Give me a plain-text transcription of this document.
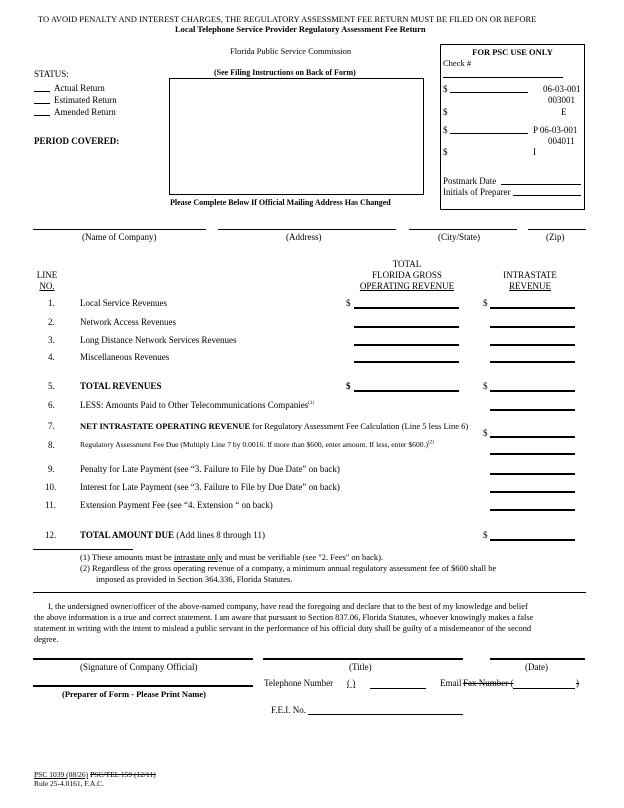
TO AVOID PENALTY AND INTEREST CHARGES, THE REGULATORY ASSESSMENT FEE RETURN MUST BE FILED ON OR BEFORE
Local Telephone Service Provider Regulatory Assessment Fee Return
Florida Public Service Commission
(See Filing Instructions on Back of Form)
STATUS:
Actual Return
Estimated Return
Amended Return
PERIOD COVERED:
Please Complete Below If Official Mailing Address Has Changed
FOR PSC USE ONLY
Check #
$	06-03-001
003001
$	E
$	P 06-03-001
004011
$	I
Postmark Date
Initials of Preparer
(Name of Company)	(Address)	(City/State)	(Zip)
LINE
NO.
TOTAL
FLORIDA GROSS
OPERATING REVENUE
INTRASTATE
REVENUE
1.	Local Service Revenues	$	$
2.	Network Access Revenues
3.	Long Distance Network Services Revenues
4.	Miscellaneous Revenues
5.	TOTAL REVENUES	$	$
6.	LESS: Amounts Paid to Other Telecommunications Companies$^{(1)}$
7.	NET INTRASTATE OPERATING REVENUE for Regulatory Assessment Fee Calculation (Line 5 less Line 6)
$
8.	Regulatory Assessment Fee Due (Multiply Line 7 by 0.0016. If more than $600, enter amount. If less, enter $600.)$^{(2)}$
9.	Penalty for Late Payment (see “3. Failure to File by Due Date” on back)
10.	Interest for Late Payment (see “3. Failure to File by Due Date” on back)
11.	Extension Payment Fee (see “4. Extension “ on back)
12.	TOTAL AMOUNT DUE (Add lines 8 through 11)	$
(1) These amounts must be intrastate only and must be verifiable (see "2. Fees" on back).
(2) Regardless of the gross operating revenue of a company, a minimum annual regulatory assessment fee of $600 shall be
imposed as provided in Section 364.336, Florida Statutes.
I, the undersigned owner/officer of the above-named company, have read the foregoing and declare that to the best of my knowledge and belief
the above information is a true and correct statement. I am aware that pursuant to Section 837.06, Florida Statutes, whoever knowingly makes a false
statement in writing with the intent to mislead a public servant in the performance of his official duty shall be guilty of a misdemeanor of the second
degree.
(Signature of Company Official)	(Title)	(Date)
(Preparer of Form - Please Print Name)
Telephone Number ( )	Email Fax Number (	)
F.E.I. No.
PSC 1039 (08/26) PSC/TEL 159 (12/11)
Rule 25-4.0161, F.A.C.
